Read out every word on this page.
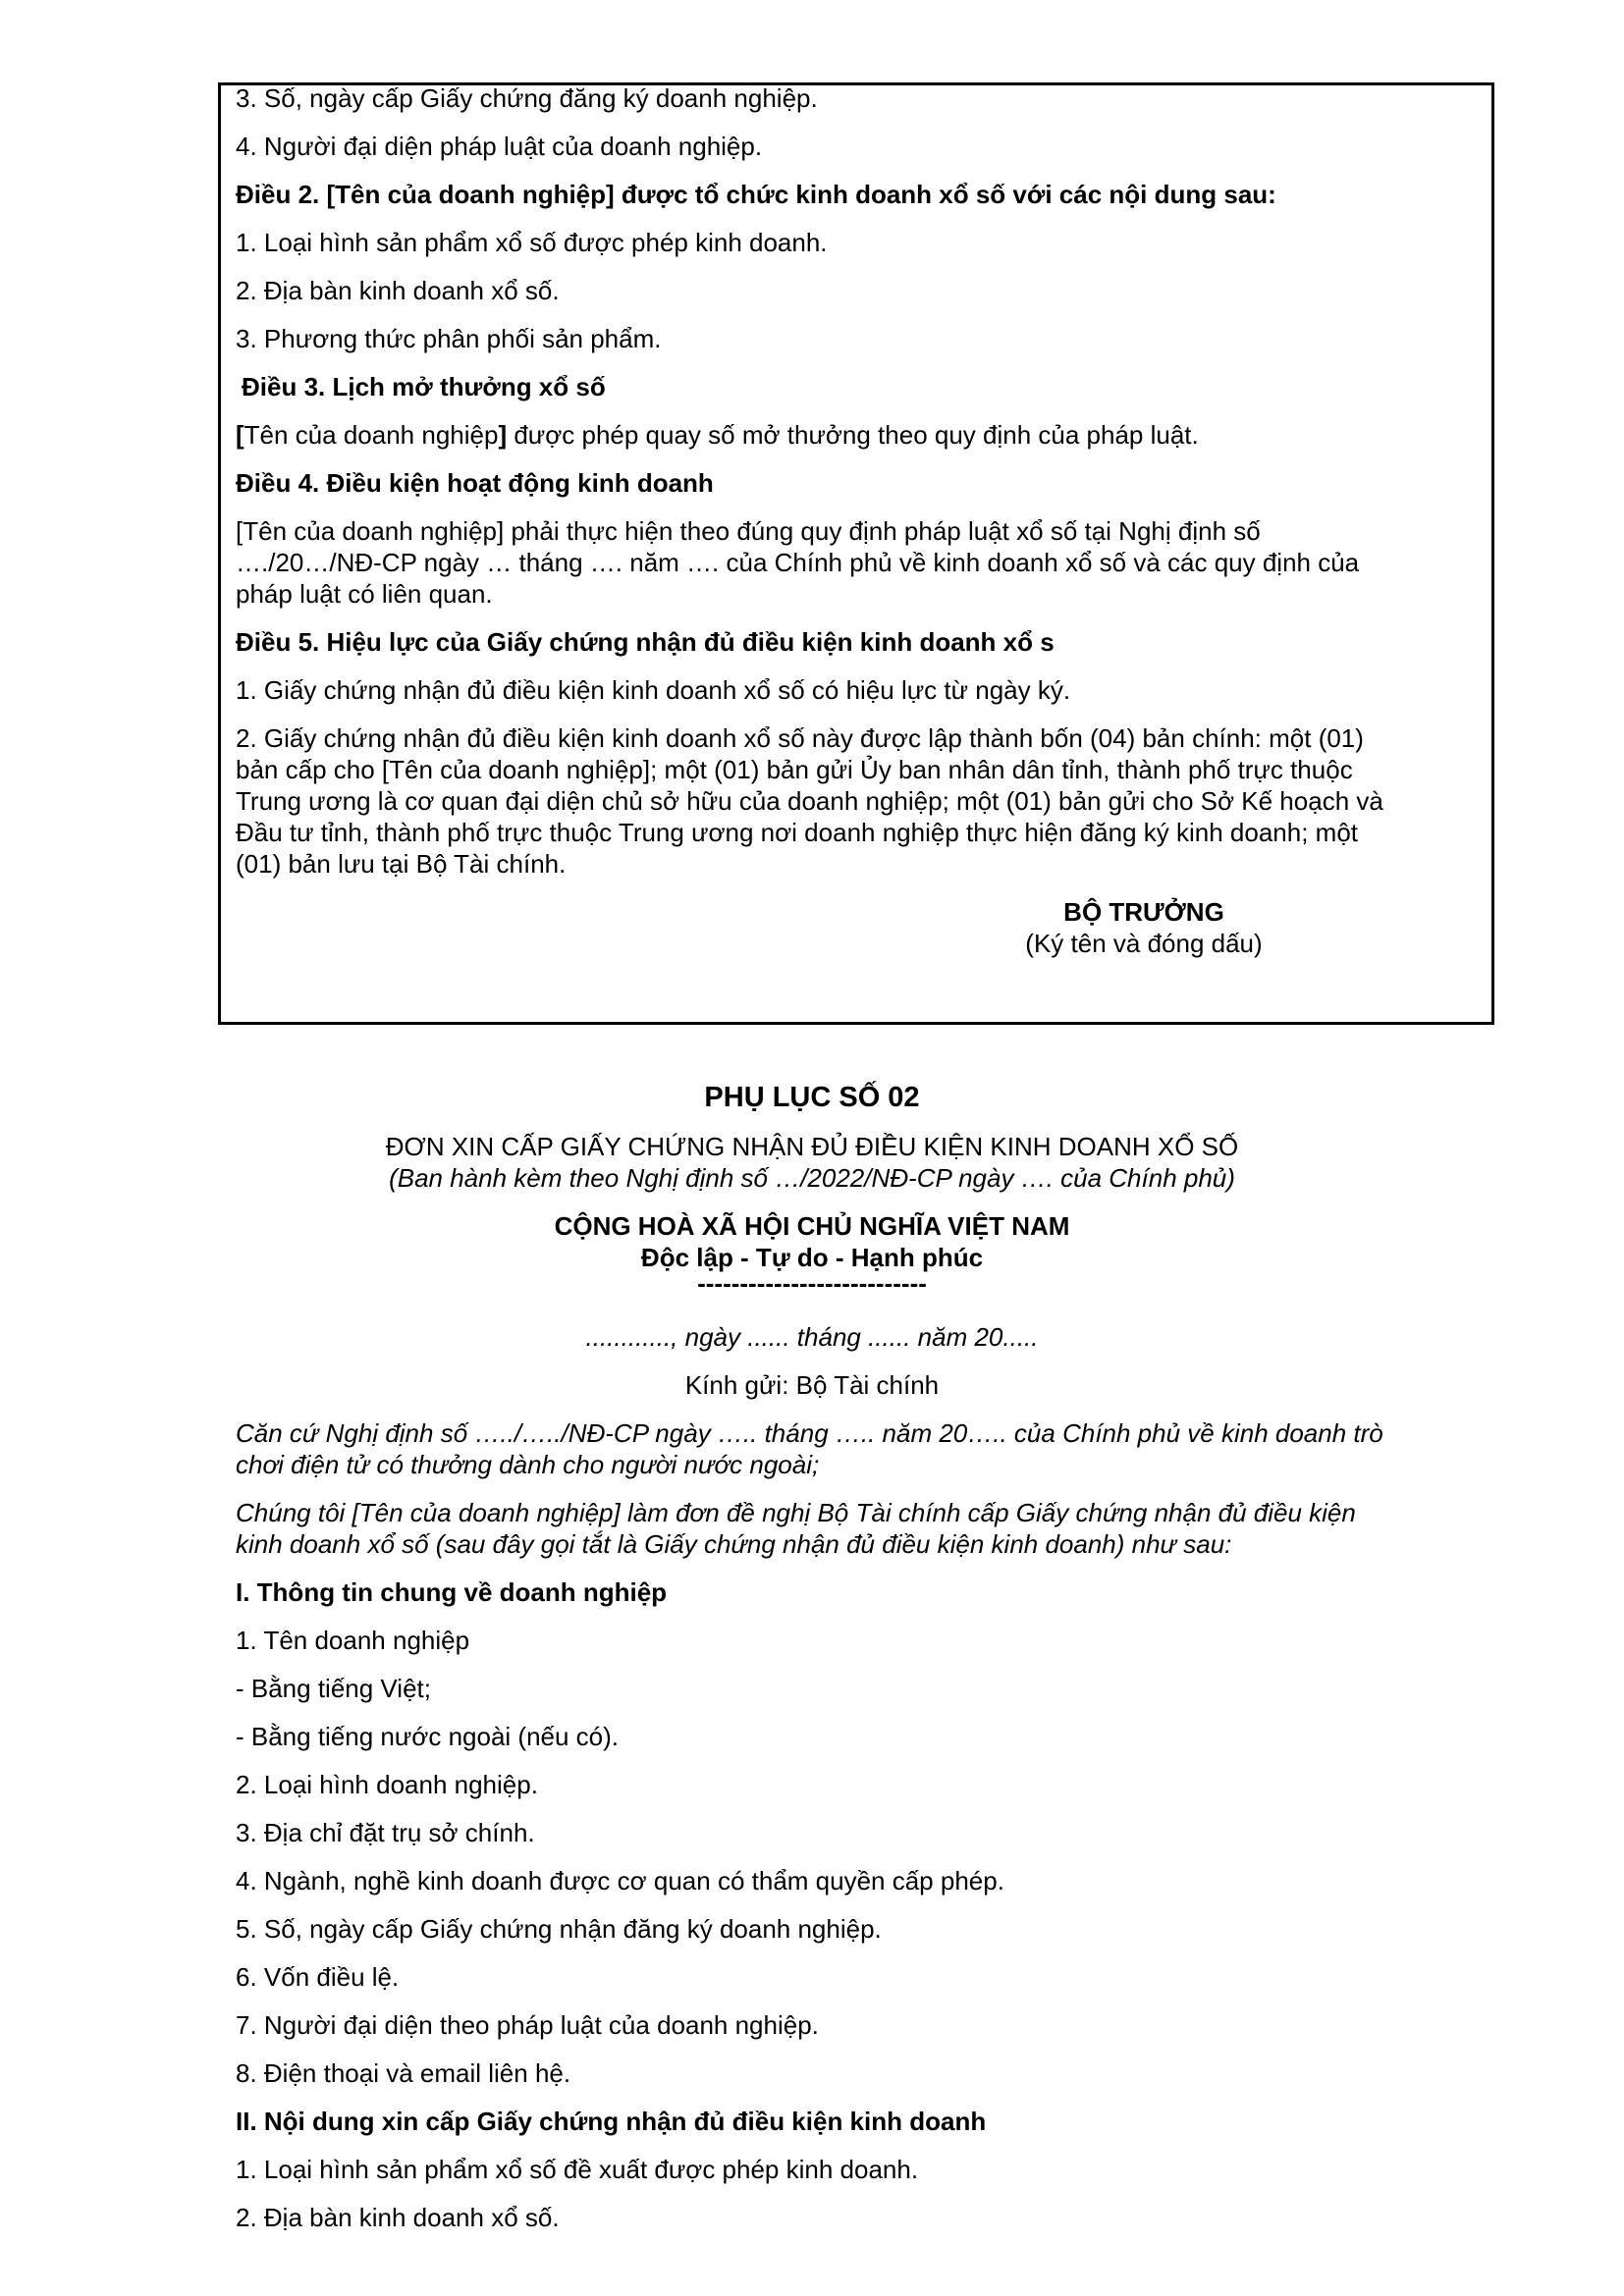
3. Số, ngày cấp Giấy chứng đăng ký doanh nghiệp.
4. Người đại diện pháp luật của doanh nghiệp.
Điều 2. [Tên của doanh nghiệp] được tổ chức kinh doanh xổ số với các nội dung sau:
1. Loại hình sản phẩm xổ số được phép kinh doanh.
2. Địa bàn kinh doanh xổ số.
3. Phương thức phân phối sản phẩm.
Điều 3. Lịch mở thưởng xổ số
[Tên của doanh nghiệp] được phép quay số mở thưởng theo quy định của pháp luật.
Điều 4. Điều kiện hoạt động kinh doanh
[Tên của doanh nghiệp] phải thực hiện theo đúng quy định pháp luật xổ số tại Nghị định số
…./20…/NĐ-CP ngày … tháng …. năm …. của Chính phủ về kinh doanh xổ số và các quy định của
pháp luật có liên quan.
Điều 5. Hiệu lực của Giấy chứng nhận đủ điều kiện kinh doanh xổ s
1. Giấy chứng nhận đủ điều kiện kinh doanh xổ số có hiệu lực từ ngày ký.
2. Giấy chứng nhận đủ điều kiện kinh doanh xổ số này được lập thành bốn (04) bản chính: một (01)
bản cấp cho [Tên của doanh nghiệp]; một (01) bản gửi Ủy ban nhân dân tỉnh, thành phố trực thuộc
Trung ương là cơ quan đại diện chủ sở hữu của doanh nghiệp; một (01) bản gửi cho Sở Kế hoạch và
Đầu tư tỉnh, thành phố trực thuộc Trung ương nơi doanh nghiệp thực hiện đăng ký kinh doanh; một
(01) bản lưu tại Bộ Tài chính.
BỘ TRƯỞNG
(Ký tên và đóng dấu)
PHỤ LỤC SỐ 02
ĐƠN XIN CẤP GIẤY CHỨNG NHẬN ĐỦ ĐIỀU KIỆN KINH DOANH XỔ SỐ
(Ban hành kèm theo Nghị định số …/2022/NĐ-CP ngày …. của Chính phủ)
CỘNG HOÀ XÃ HỘI CHỦ NGHĨA VIỆT NAM
Độc lập - Tự do - Hạnh phúc
---------------------------
............, ngày ...... tháng ...... năm 20.....
Kính gửi: Bộ Tài chính
Căn cứ Nghị định số …../…../NĐ-CP ngày ….. tháng ….. năm 20….. của Chính phủ về kinh doanh trò
chơi điện tử có thưởng dành cho người nước ngoài;
Chúng tôi [Tên của doanh nghiệp] làm đơn đề nghị Bộ Tài chính cấp Giấy chứng nhận đủ điều kiện
kinh doanh xổ số (sau đây gọi tắt là Giấy chứng nhận đủ điều kiện kinh doanh) như sau:
I. Thông tin chung về doanh nghiệp
1. Tên doanh nghiệp
- Bằng tiếng Việt;
- Bằng tiếng nước ngoài (nếu có).
2. Loại hình doanh nghiệp.
3. Địa chỉ đặt trụ sở chính.
4. Ngành, nghề kinh doanh được cơ quan có thẩm quyền cấp phép.
5. Số, ngày cấp Giấy chứng nhận đăng ký doanh nghiệp.
6. Vốn điều lệ.
7. Người đại diện theo pháp luật của doanh nghiệp.
8. Điện thoại và email liên hệ.
II. Nội dung xin cấp Giấy chứng nhận đủ điều kiện kinh doanh
1. Loại hình sản phẩm xổ số đề xuất được phép kinh doanh.
2. Địa bàn kinh doanh xổ số.
